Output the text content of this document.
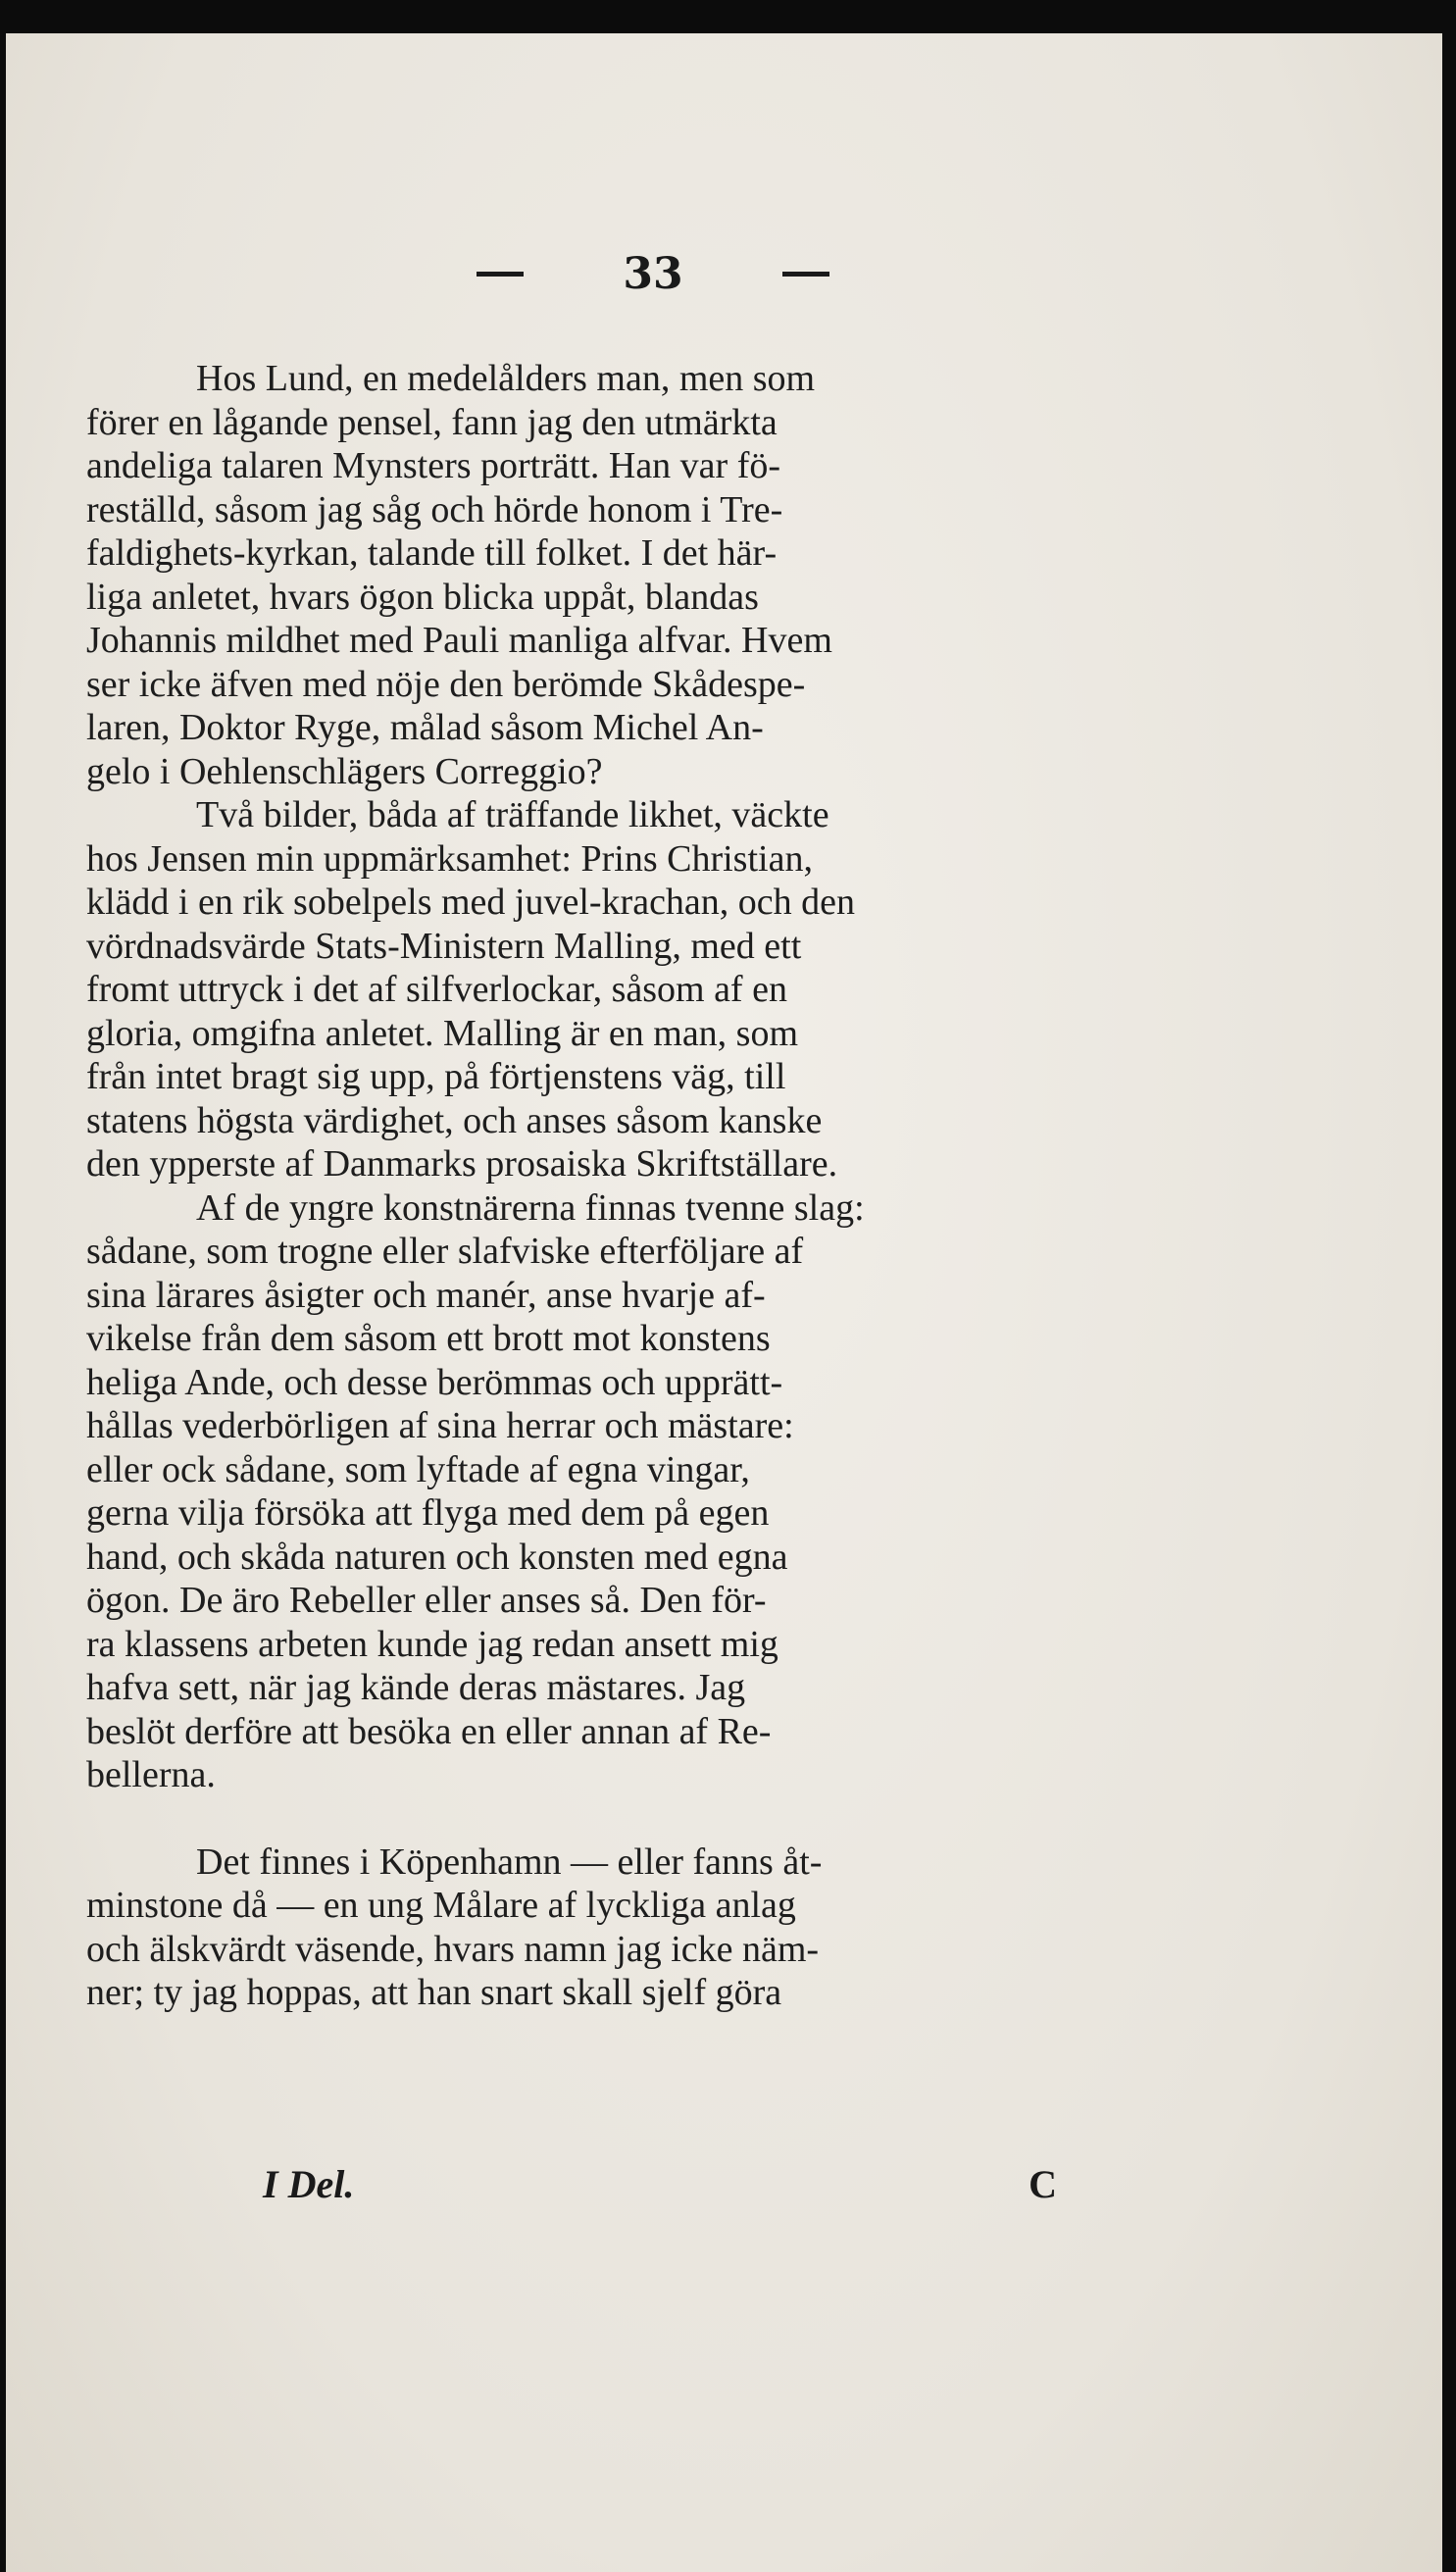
33
Hos Lund, en medelålders man, men som
förer en lågande pensel, fann jag den utmärkta
andeliga talaren Mynsters porträtt. Han var fö-
reställd, såsom jag såg och hörde honom i Tre-
faldighets-kyrkan, talande till folket. I det här-
liga anletet, hvars ögon blicka uppåt, blandas
Johannis mildhet med Pauli manliga alfvar. Hvem
ser icke äfven med nöje den berömde Skådespe-
laren, Doktor Ryge, målad såsom Michel An-
gelo i Oehlenschlägers Correggio?
Två bilder, båda af träffande likhet, väckte
hos Jensen min uppmärksamhet: Prins Christian,
klädd i en rik sobelpels med juvel-krachan, och den
vördnadsvärde Stats-Ministern Malling, med ett
fromt uttryck i det af silfverlockar, såsom af en
gloria, omgifna anletet. Malling är en man, som
från intet bragt sig upp, på förtjenstens väg, till
statens högsta värdighet, och anses såsom kanske
den ypperste af Danmarks prosaiska Skriftställare.
Af de yngre konstnärerna finnas tvenne slag:
sådane, som trogne eller slafviske efterföljare af
sina lärares åsigter och manér, anse hvarje af-
vikelse från dem såsom ett brott mot konstens
heliga Ande, och desse berömmas och upprätt-
hållas vederbörligen af sina herrar och mästare:
eller ock sådane, som lyftade af egna vingar,
gerna vilja försöka att flyga med dem på egen
hand, och skåda naturen och konsten med egna
ögon. De äro Rebeller eller anses så. Den för-
ra klassens arbeten kunde jag redan ansett mig
hafva sett, när jag kände deras mästares. Jag
beslöt derföre att besöka en eller annan af Re-
bellerna.
Det finnes i Köpenhamn — eller fanns åt-
minstone då — en ung Målare af lyckliga anlag
och älskvärdt väsende, hvars namn jag icke näm-
ner; ty jag hoppas, att han snart skall sjelf göra
I Del.	C
